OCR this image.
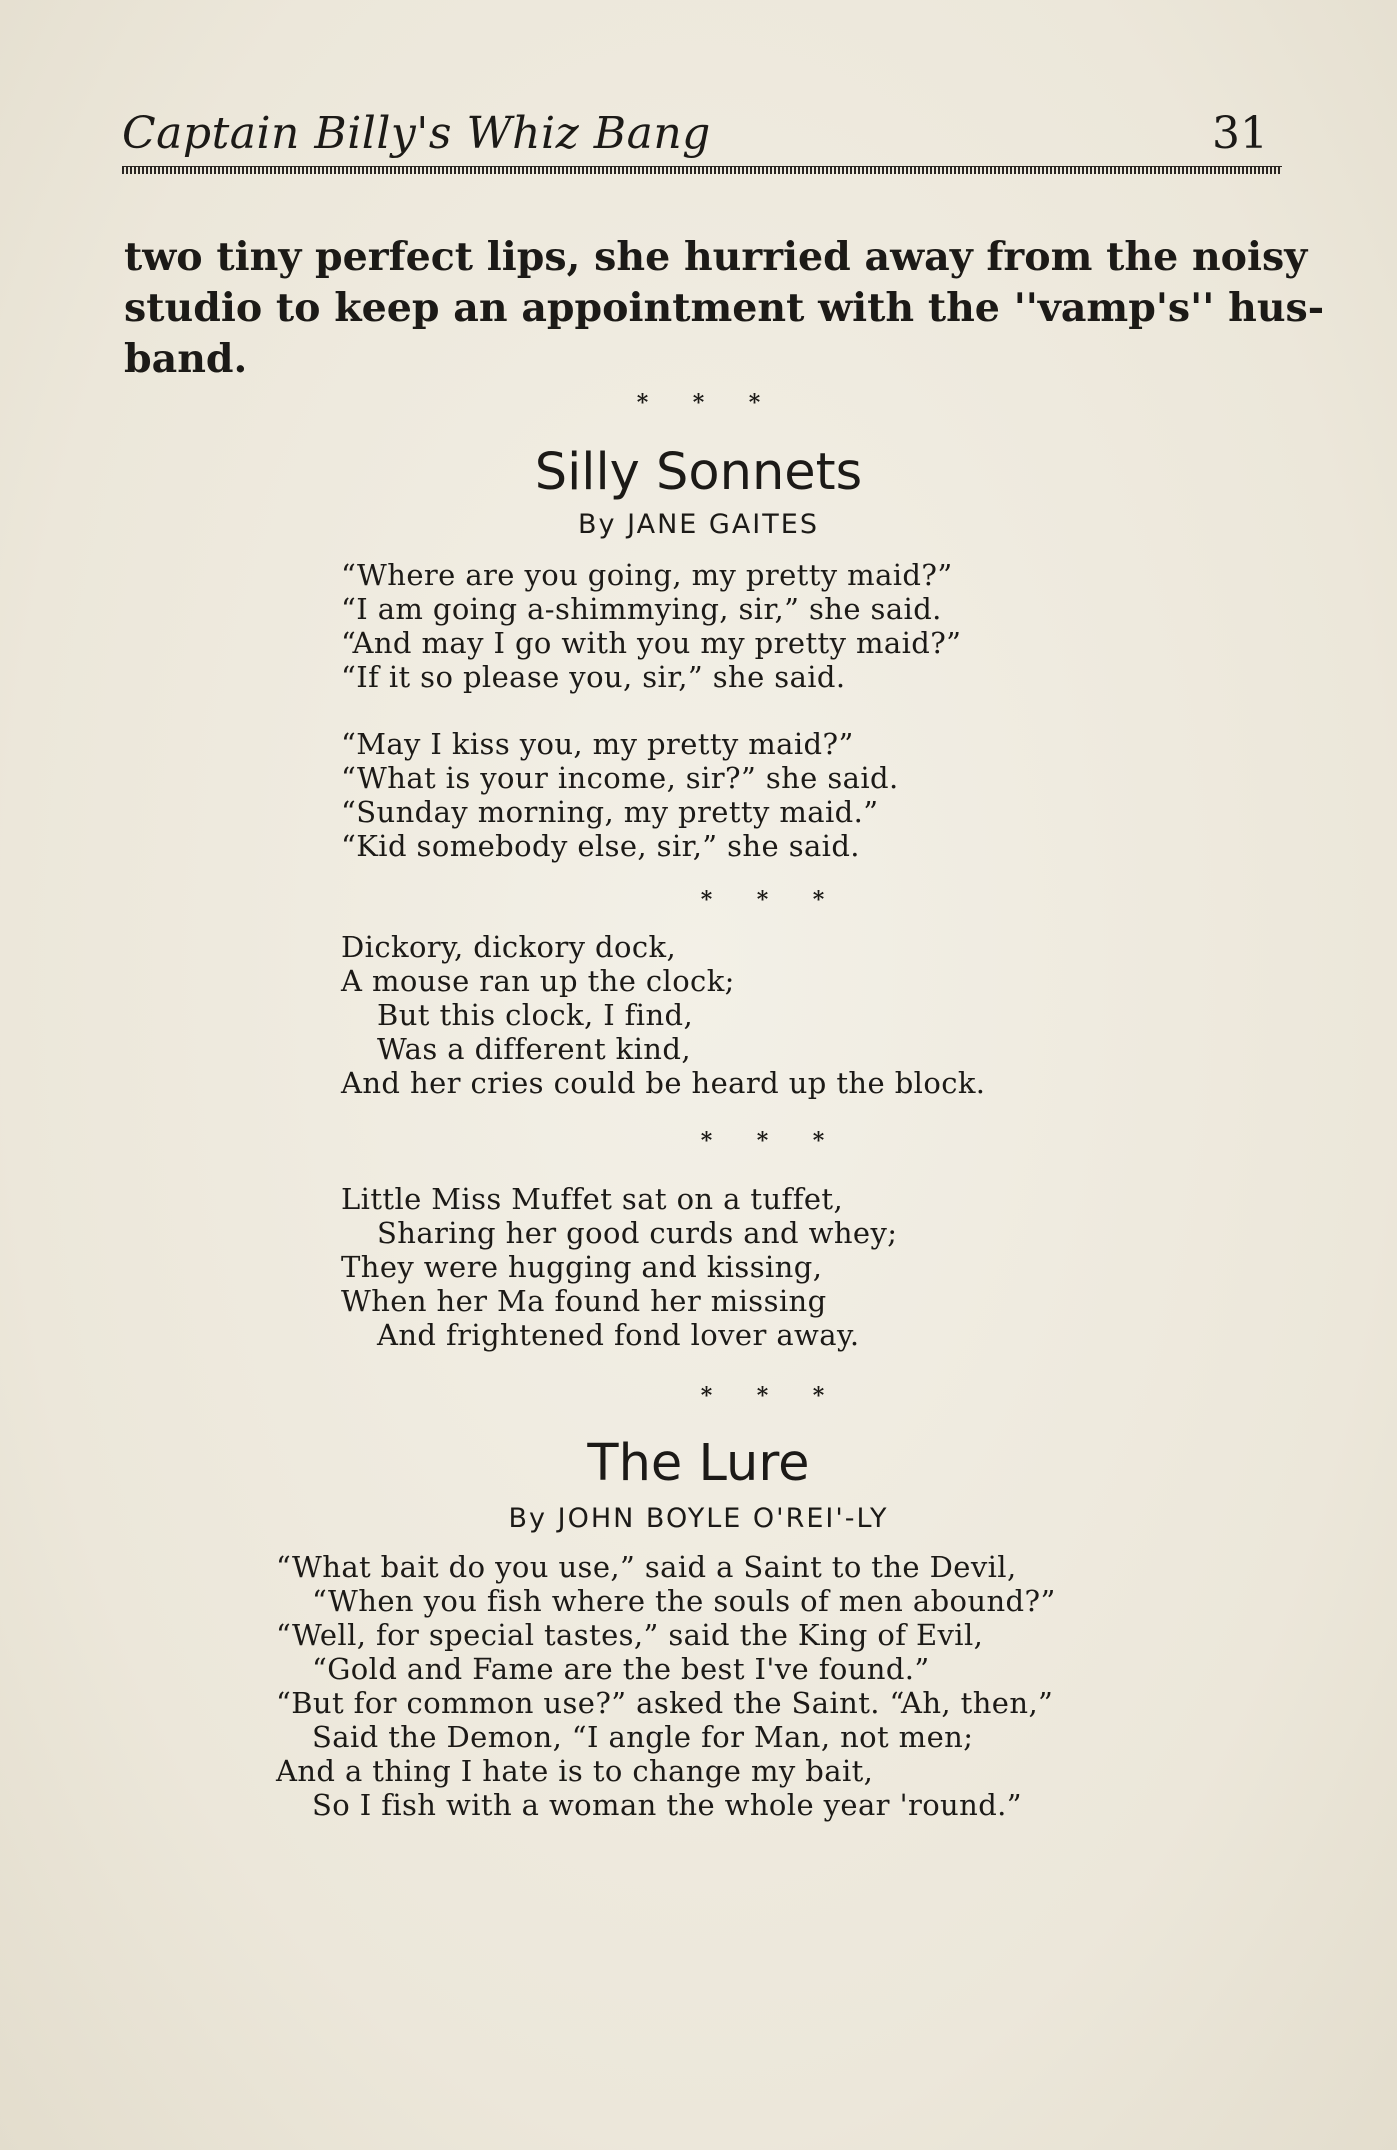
Captain Billy's Whiz Bang	31

two tiny perfect lips, she hurried away from the noisy
studio to keep an appointment with the ''vamp's'' hus-
band.

* * *
Silly Sonnets

By JANE GAITES

“Where are you going, my pretty maid?”
“I am going a-shimmying, sir,” she said.
“And may I go with you my pretty maid?”
“If it so please you, sir,” she said.
“May I kiss you, my pretty maid?”
“What is your income, sir?” she said.
“Sunday morning, my pretty maid.”
“Kid somebody else, sir,” she said.
* * *
Dickory, dickory dock,
A mouse ran up the clock;
But this clock, I find,
Was a different kind,
And her cries could be heard up the block.
* * *
Little Miss Muffet sat on a tuffet,
Sharing her good curds and whey;
They were hugging and kissing,
When her Ma found her missing
And frightened fond lover away.
* * *
The Lure

By JOHN BOYLE O'REI'-LY

“What bait do you use,” said a Saint to the Devil,
“When you fish where the souls of men abound?”
“Well, for special tastes,” said the King of Evil,
“Gold and Fame are the best I've found.”
“But for common use?” asked the Saint. “Ah, then,”
Said the Demon, “I angle for Man, not men;
And a thing I hate is to change my bait,
So I fish with a woman the whole year 'round.”
